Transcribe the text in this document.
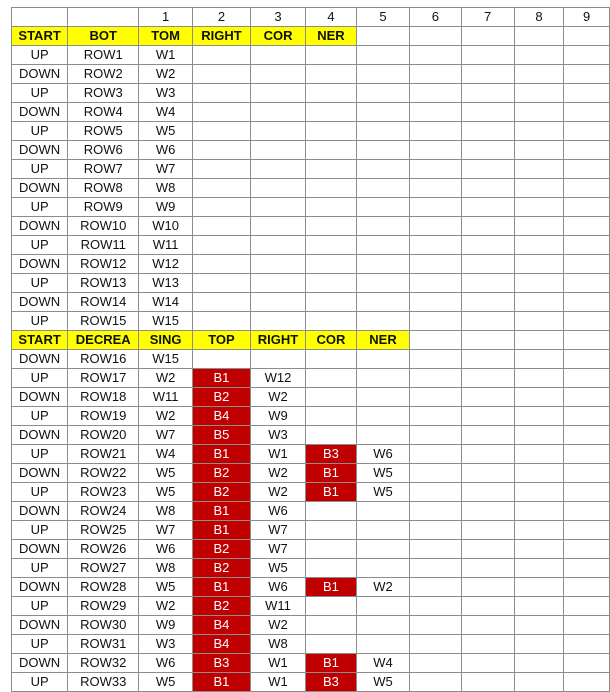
		1	2	3	4	5	6	7	8	9
START	BOT	TOM	RIGHT	COR	NER					
UP	ROW1	W1								
DOWN	ROW2	W2								
UP	ROW3	W3								
DOWN	ROW4	W4								
UP	ROW5	W5								
DOWN	ROW6	W6								
UP	ROW7	W7								
DOWN	ROW8	W8								
UP	ROW9	W9								
DOWN	ROW10	W10								
UP	ROW11	W11								
DOWN	ROW12	W12								
UP	ROW13	W13								
DOWN	ROW14	W14								
UP	ROW15	W15								
START	DECREA	SING	TOP	RIGHT	COR	NER				
DOWN	ROW16	W15								
UP	ROW17	W2	B1	W12						
DOWN	ROW18	W11	B2	W2						
UP	ROW19	W2	B4	W9						
DOWN	ROW20	W7	B5	W3						
UP	ROW21	W4	B1	W1	B3	W6				
DOWN	ROW22	W5	B2	W2	B1	W5				
UP	ROW23	W5	B2	W2	B1	W5				
DOWN	ROW24	W8	B1	W6						
UP	ROW25	W7	B1	W7						
DOWN	ROW26	W6	B2	W7						
UP	ROW27	W8	B2	W5						
DOWN	ROW28	W5	B1	W6	B1	W2				
UP	ROW29	W2	B2	W11						
DOWN	ROW30	W9	B4	W2						
UP	ROW31	W3	B4	W8						
DOWN	ROW32	W6	B3	W1	B1	W4				
UP	ROW33	W5	B1	W1	B3	W5				
